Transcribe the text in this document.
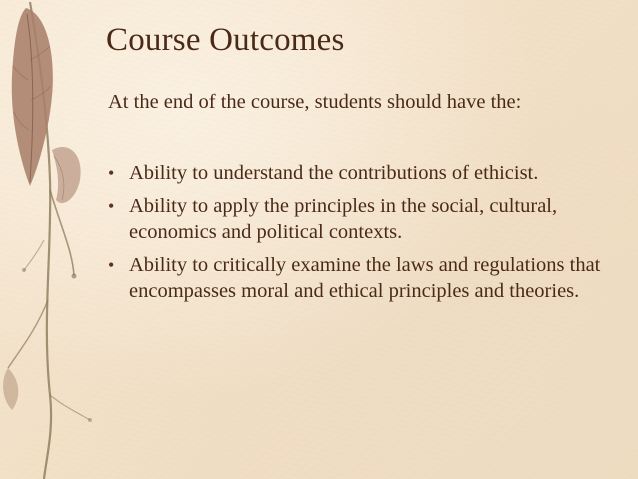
Course Outcomes

At the end of the course, students should have the:

• Ability to understand the contributions of ethicist.
• Ability to apply the principles in the social, cultural, economics and political contexts.
• Ability to critically examine the laws and regulations that encompasses moral and ethical principles and theories.
